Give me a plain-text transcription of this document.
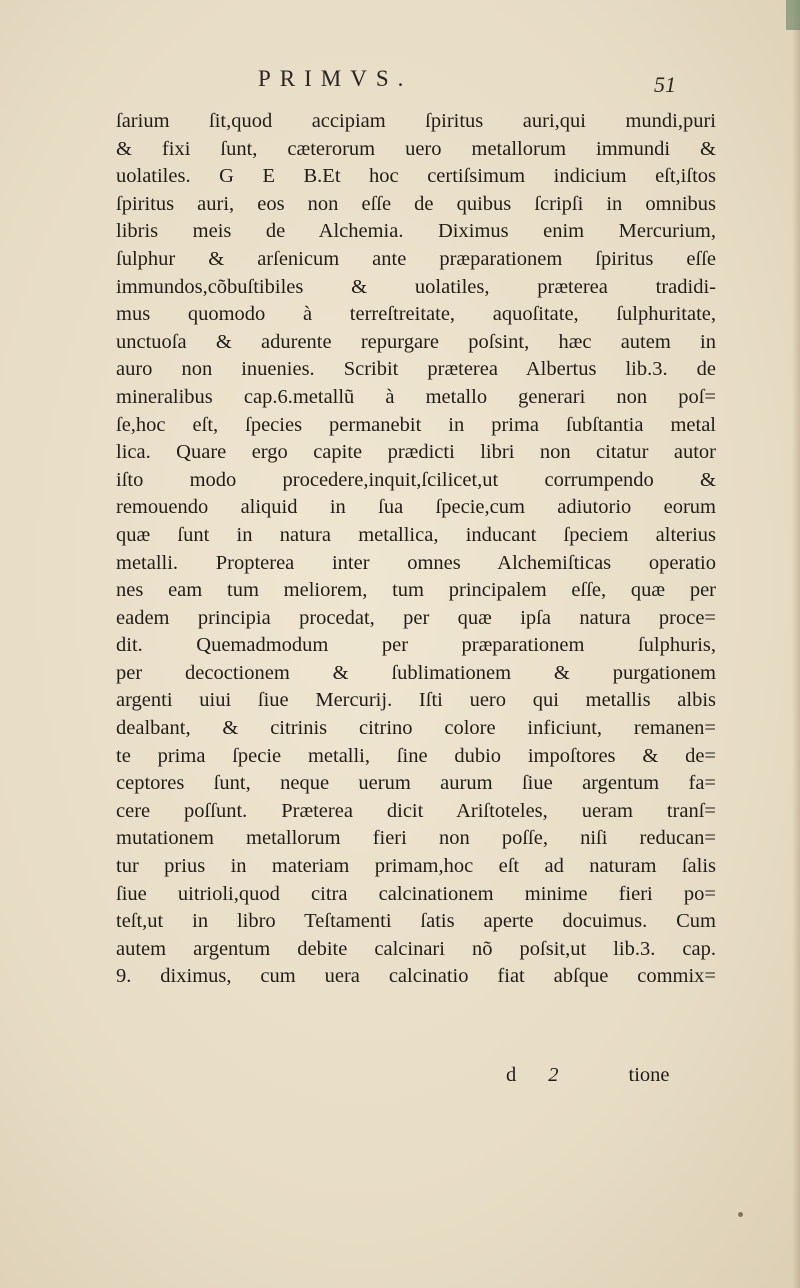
PRIMVS.	51
ſarium ſit,quod accipiam ſpiritus auri,qui mundi,puri
& fixi ſunt, cæterorum uero metallorum immundi &
uolatiles. G E B.Et hoc certiſsimum indicium eſt,iſtos
ſpiritus auri, eos non eſſe de quibus ſcripſi in omnibus
libris meis de Alchemia. Diximus enim Mercurium,
ſulphur & arſenicum ante præparationem ſpiritus eſſe
immundos,cõbuſtibiles & uolatiles, præterea tradidi-
mus quomodo à terreſtreitate, aquoſitate, ſulphuritate,
unctuoſa & adurente repurgare poſsint, hæc autem in
auro non inuenies. Scribit præterea Albertus lib.3. de
mineralibus cap.6.metallũ à metallo generari non poſ=
ſe,hoc eſt, ſpecies permanebit in prima ſubſtantia metal
lica. Quare ergo capite prædicti libri non citatur autor
iſto modo procedere,inquit,ſcilicet,ut corrumpendo &
remouendo aliquid in ſua ſpecie,cum adiutorio eorum
quæ ſunt in natura metallica, inducant ſpeciem alterius
metalli. Propterea inter omnes Alchemiſticas operatio
nes eam tum meliorem, tum principalem eſſe, quæ per
eadem principia procedat, per quæ ipſa natura proce=
dit. Quemadmodum per præparationem ſulphuris,
per decoctionem & ſublimationem & purgationem
argenti uiui ſiue Mercurij. Iſti uero qui metallis albis
dealbant, & citrinis citrino colore inficiunt, remanen=
te prima ſpecie metalli, ſine dubio impoſtores & de=
ceptores ſunt, neque uerum aurum ſiue argentum fa=
cere poſſunt. Præterea dicit Ariſtoteles, ueram tranſ=
mutationem metallorum fieri non poſſe, niſi reducan=
tur prius in materiam primam,hoc eſt ad naturam ſalis
ſiue uitrioli,quod citra calcinationem minime fieri po=
teſt,ut in libro Teſtamenti ſatis aperte docuimus. Cum
autem argentum debite calcinari nõ poſsit,ut lib.3. cap.
9. diximus, cum uera calcinatio fiat abſque commix=
d 2	tione
